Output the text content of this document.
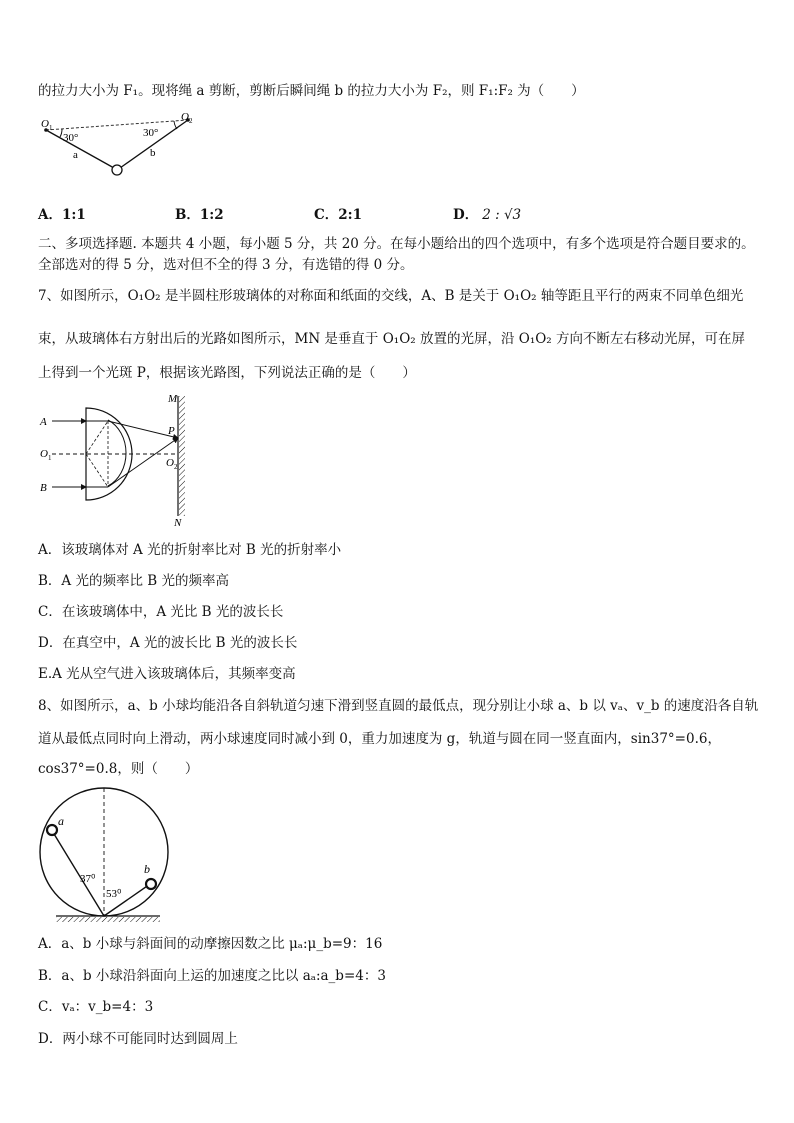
的拉力大小为 F₁。现将绳 a 剪断，剪断后瞬间绳 b 的拉力大小为 F₂，则 F₁:F₂ 为（　　）
O 1
O 2
30°	30°
a	b
A．1:1	B．1:2	C．2:1	D． 2 : √3
二、多项选择题. 本题共 4 小题，每小题 5 分，共 20 分。在每小题给出的四个选项中，有多个选项是符合题目要求的。
全部选对的得 5 分，选对但不全的得 3 分，有选错的得 0 分。
7、如图所示，O₁O₂ 是半圆柱形玻璃体的对称面和纸面的交线，A、B 是关于 O₁O₂ 轴等距且平行的两束不同单色细光
束，从玻璃体右方射出后的光路如图所示，MN 是垂直于 O₁O₂ 放置的光屏，沿 O₁O₂ 方向不断左右移动光屏，可在屏
上得到一个光斑 P，根据该光路图，下列说法正确的是（　　）
A
B
O 1
M
N
P
O 2
A．该玻璃体对 A 光的折射率比对 B 光的折射率小
B．A 光的频率比 B 光的频率高
C．在该玻璃体中，A 光比 B 光的波长长
D．在真空中，A 光的波长比 B 光的波长长
E.A 光从空气进入该玻璃体后，其频率变高
8、如图所示，a、b 小球均能沿各自斜轨道匀速下滑到竖直圆的最低点，现分别让小球 a、b 以 vₐ、v_b 的速度沿各自轨
道从最低点同时向上滑动，两小球速度同时减小到 0，重力加速度为 g，轨道与圆在同一竖直面内，sin37°=0.6，
cos37°=0.8，则（　　）
a
b
37⁰
53⁰
A．a、b 小球与斜面间的动摩擦因数之比 μₐ:μ_b=9：16
B．a、b 小球沿斜面向上运的加速度之比以 aₐ:a_b=4：3
C．vₐ：v_b=4：3
D．两小球不可能同时达到圆周上
